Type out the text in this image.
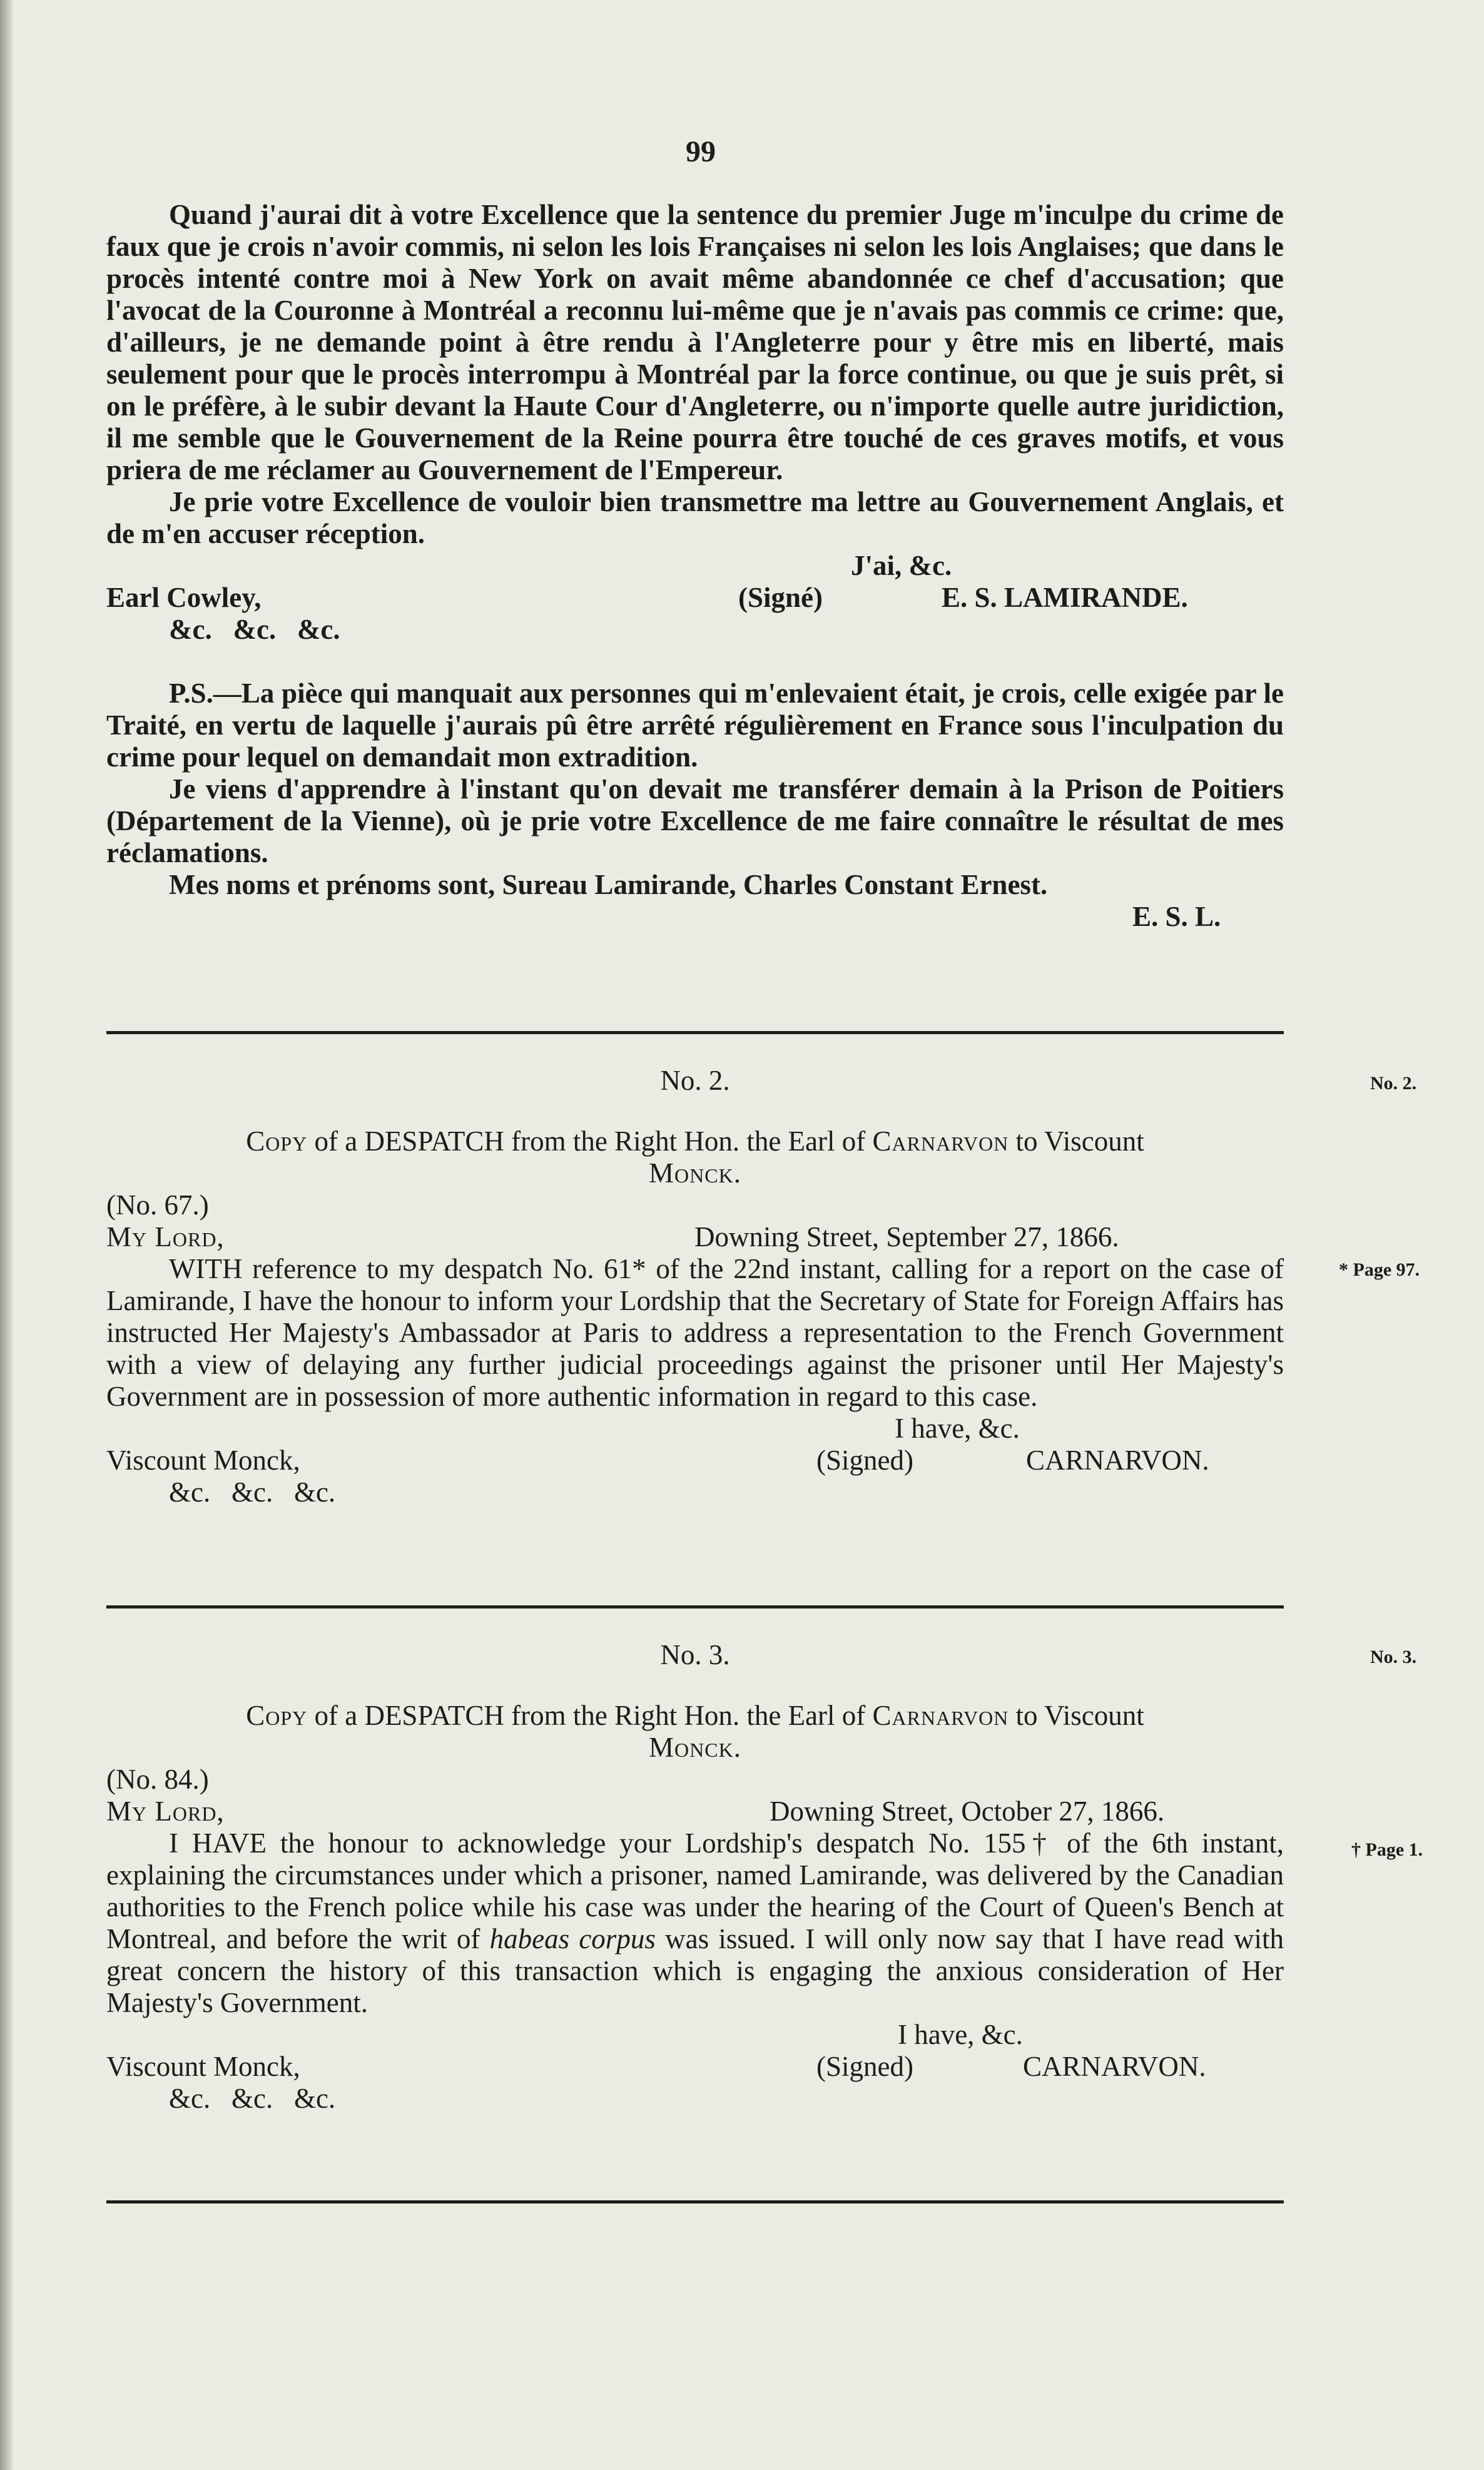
99

Quand j'aurai dit à votre Excellence que la sentence du premier Juge m'inculpe du crime de faux que je crois n'avoir commis, ni selon les lois Françaises ni selon les lois Anglaises; que dans le procès intenté contre moi à New York on avait même abandonnée ce chef d'accusation; que l'avocat de la Couronne à Montréal a reconnu lui-même que je n'avais pas commis ce crime: que, d'ailleurs, je ne demande point à être rendu à l'Angleterre pour y être mis en liberté, mais seulement pour que le procès interrompu à Montréal par la force continue, ou que je suis prêt, si on le préfère, à le subir devant la Haute Cour d'Angleterre, ou n'importe quelle autre juridiction, il me semble que le Gouvernement de la Reine pourra être touché de ces graves motifs, et vous priera de me réclamer au Gouvernement de l'Empereur.

Je prie votre Excellence de vouloir bien transmettre ma lettre au Gouvernement Anglais, et de m'en accuser réception.

J'ai, &c.
Earl Cowley,	(Signé)	E. S. LAMIRANDE.
&c.   &c.   &c.

P.S.—La pièce qui manquait aux personnes qui m'enlevaient était, je crois, celle exigée par le Traité, en vertu de laquelle j'aurais pû être arrêté régulièrement en France sous l'inculpation du crime pour lequel on demandait mon extradition.

Je viens d'apprendre à l'instant qu'on devait me transférer demain à la Prison de Poitiers (Département de la Vienne), où je prie votre Excellence de me faire connaître le résultat de mes réclamations.

Mes noms et prénoms sont, Sureau Lamirande, Charles Constant Ernest.

E. S. L.
No. 2.
* Page 97.
No. 2.
Copy of a DESPATCH from the Right Hon. the Earl of Carnarvon to Viscount
Monck.
(No. 67.)
My Lord,	Downing Street, September 27, 1866.

WITH reference to my despatch No. 61* of the 22nd instant, calling for a report on the case of Lamirande, I have the honour to inform your Lordship that the Secretary of State for Foreign Affairs has instructed Her Majesty's Ambassador at Paris to address a representation to the French Government with a view of delaying any further judicial proceedings against the prisoner until Her Majesty's Government are in possession of more authentic information in regard to this case.

I have, &c.
Viscount Monck,	(Signed)	CARNARVON.
&c.   &c.   &c.
No. 3.
† Page 1.
No. 3.
Copy of a DESPATCH from the Right Hon. the Earl of Carnarvon to Viscount
Monck.
(No. 84.)
My Lord,	Downing Street, October 27, 1866.

I HAVE the honour to acknowledge your Lordship's despatch No. 155† of the 6th instant, explaining the circumstances under which a prisoner, named Lamirande, was delivered by the Canadian authorities to the French police while his case was under the hearing of the Court of Queen's Bench at Montreal, and before the writ of habeas corpus was issued. I will only now say that I have read with great concern the history of this transaction which is engaging the anxious consideration of Her Majesty's Government.

I have, &c.
Viscount Monck,	(Signed)	CARNARVON.
&c.   &c.   &c.
